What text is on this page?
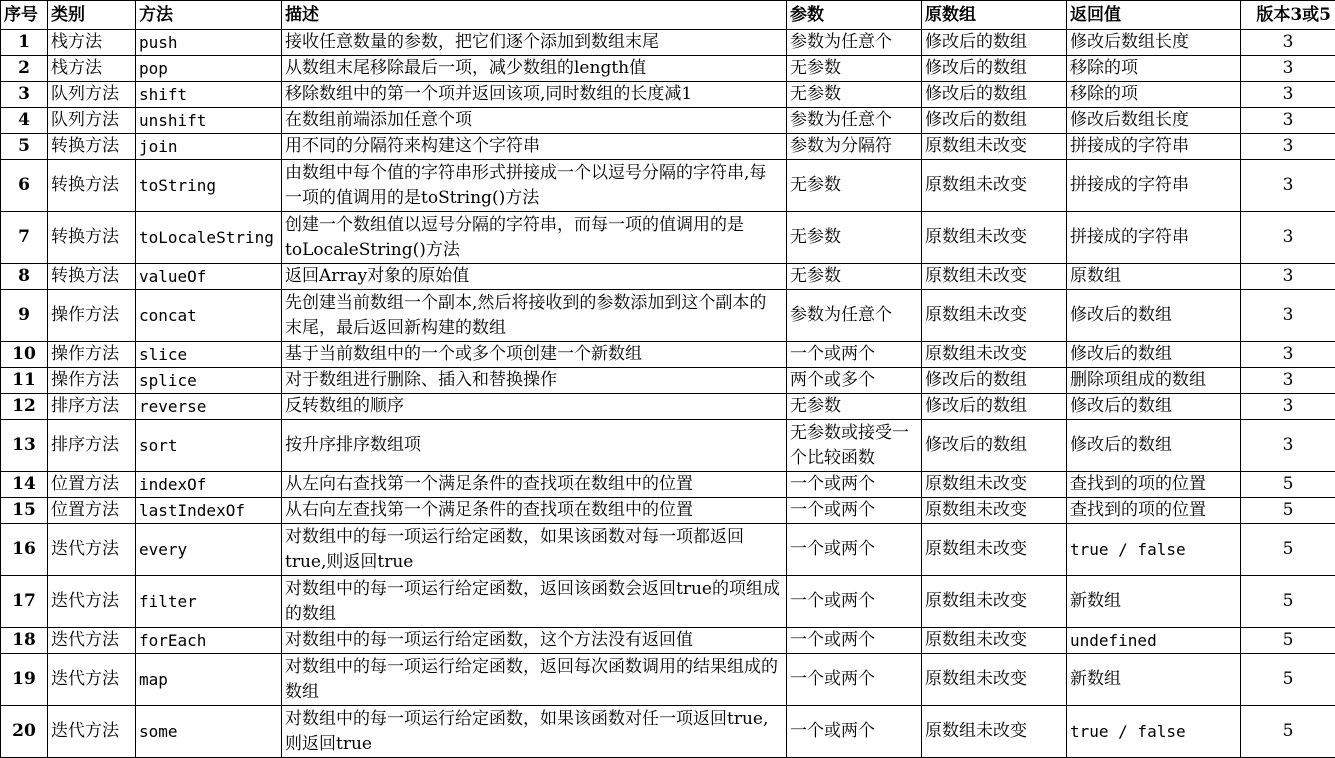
序号	类别	方法	描述	参数	原数组	返回值	版本3或5
1	栈方法	push	接收任意数量的参数，把它们逐个添加到数组末尾	参数为任意个	修改后的数组	修改后数组长度	3
2	栈方法	pop	从数组末尾移除最后一项，减少数组的length值	无参数	修改后的数组	移除的项	3
3	队列方法	shift	移除数组中的第一个项并返回该项,同时数组的长度减1	无参数	修改后的数组	移除的项	3
4	队列方法	unshift	在数组前端添加任意个项	参数为任意个	修改后的数组	修改后数组长度	3
5	转换方法	join	用不同的分隔符来构建这个字符串	参数为分隔符	原数组未改变	拼接成的字符串	3
6	转换方法	toString	由数组中每个值的字符串形式拼接成一个以逗号分隔的字符串,每一项的值调用的是toString()方法	无参数	原数组未改变	拼接成的字符串	3
7	转换方法	toLocaleString	创建一个数组值以逗号分隔的字符串，而每一项的值调用的是toLocaleString()方法	无参数	原数组未改变	拼接成的字符串	3
8	转换方法	valueOf	返回Array对象的原始值	无参数	原数组未改变	原数组	3
9	操作方法	concat	先创建当前数组一个副本,然后将接收到的参数添加到这个副本的末尾，最后返回新构建的数组	参数为任意个	原数组未改变	修改后的数组	3
10	操作方法	slice	基于当前数组中的一个或多个项创建一个新数组	一个或两个	原数组未改变	修改后的数组	3
11	操作方法	splice	对于数组进行删除、插入和替换操作	两个或多个	修改后的数组	删除项组成的数组	3
12	排序方法	reverse	反转数组的顺序	无参数	修改后的数组	修改后的数组	3
13	排序方法	sort	按升序排序数组项	无参数或接受一个比较函数	修改后的数组	修改后的数组	3
14	位置方法	indexOf	从左向右查找第一个满足条件的查找项在数组中的位置	一个或两个	原数组未改变	查找到的项的位置	5
15	位置方法	lastIndexOf	从右向左查找第一个满足条件的查找项在数组中的位置	一个或两个	原数组未改变	查找到的项的位置	5
16	迭代方法	every	对数组中的每一项运行给定函数，如果该函数对每一项都返回true,则返回true	一个或两个	原数组未改变	true / false	5
17	迭代方法	filter	对数组中的每一项运行给定函数，返回该函数会返回true的项组成的数组	一个或两个	原数组未改变	新数组	5
18	迭代方法	forEach	对数组中的每一项运行给定函数，这个方法没有返回值	一个或两个	原数组未改变	undefined	5
19	迭代方法	map	对数组中的每一项运行给定函数，返回每次函数调用的结果组成的数组	一个或两个	原数组未改变	新数组	5
20	迭代方法	some	对数组中的每一项运行给定函数，如果该函数对任一项返回true,则返回true	一个或两个	原数组未改变	true / false	5
